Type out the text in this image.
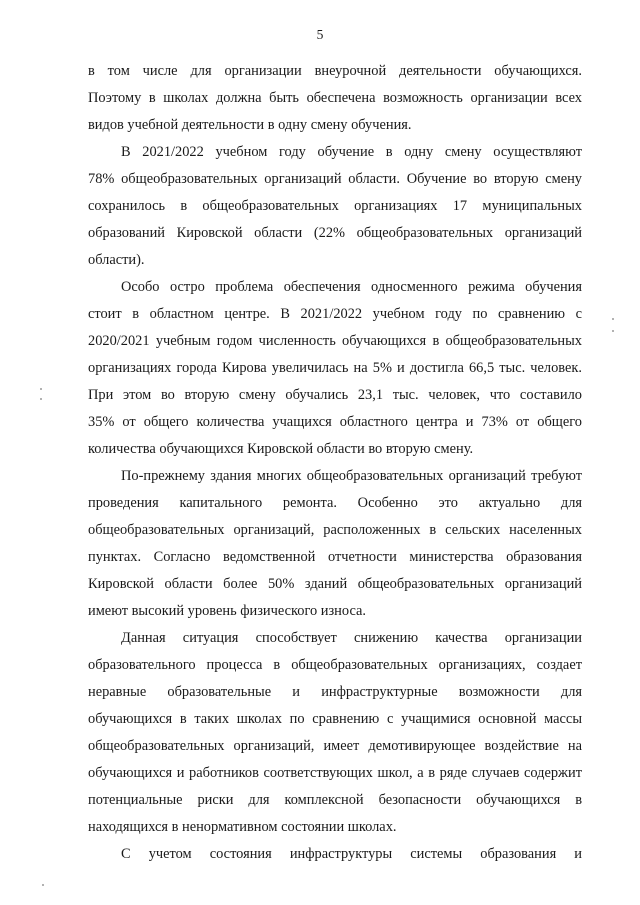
5
в том числе для организации внеурочной деятельности обучающихся.
Поэтому в школах должна быть обеспечена возможность организации всех
видов учебной деятельности в одну смену обучения.
В 2021/2022 учебном году обучение в одну смену осуществляют
78% общеобразовательных организаций области. Обучение во вторую смену
сохранилось в общеобразовательных организациях 17 муниципальных
образований Кировской области (22% общеобразовательных организаций
области).
Особо остро проблема обеспечения односменного режима обучения
стоит в областном центре. В 2021/2022 учебном году по сравнению с
2020/2021 учебным годом численность обучающихся в общеобразовательных
организациях города Кирова увеличилась на 5% и достигла 66,5 тыс. человек.
При этом во вторую смену обучались 23,1 тыс. человек, что составило
35% от общего количества учащихся областного центра и 73% от общего
количества обучающихся Кировской области во вторую смену.
По-прежнему здания многих общеобразовательных организаций требуют
проведения капитального ремонта. Особенно это актуально для
общеобразовательных организаций, расположенных в сельских населенных
пунктах. Согласно ведомственной отчетности министерства образования
Кировской области более 50% зданий общеобразовательных организаций
имеют высокий уровень физического износа.
Данная ситуация способствует снижению качества организации
образовательного процесса в общеобразовательных организациях, создает
неравные образовательные и инфраструктурные возможности для
обучающихся в таких школах по сравнению с учащимися основной массы
общеобразовательных организаций, имеет демотивирующее воздействие на
обучающихся и работников соответствующих школ, а в ряде случаев содержит
потенциальные риски для комплексной безопасности обучающихся в
находящихся в ненормативном состоянии школах.
С учетом состояния инфраструктуры системы образования и
